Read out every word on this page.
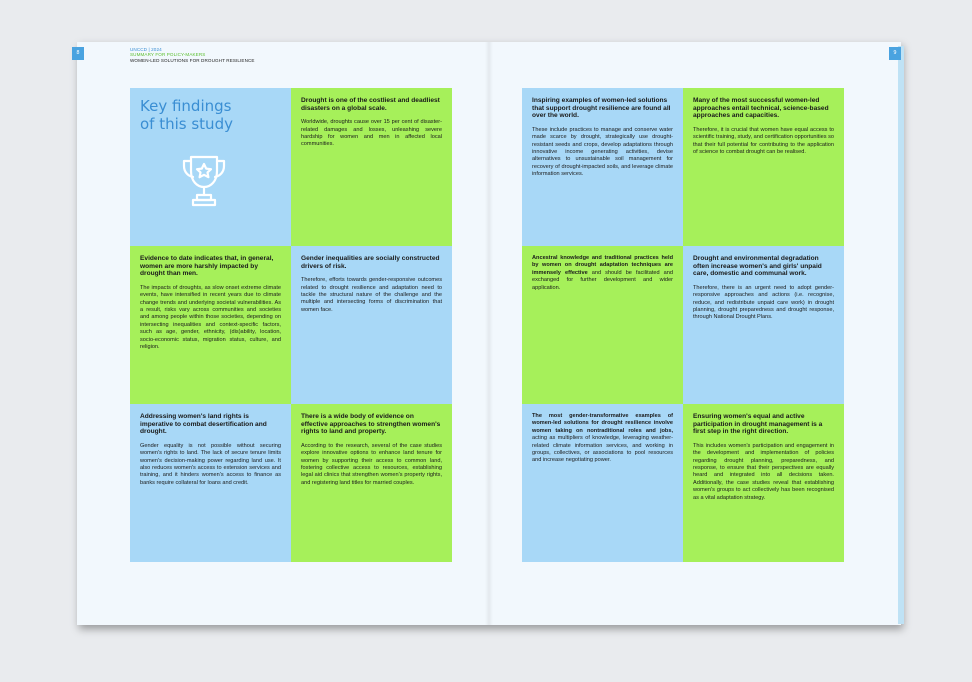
8	9
UNCCD | 2024
SUMMARY FOR POLICY-MAKERS
WOMEN-LED SOLUTIONS FOR DROUGHT RESILIENCE
Key findings
of this study
Drought is one of the costliest and deadliest disasters on a global scale.
Worldwide, droughts cause over 15 per cent of disaster-related damages and losses, unleashing severe hardship for women and men in affected local communities.
Evidence to date indicates that, in general, women are more harshly impacted by drought than men.
The impacts of droughts, as slow onset extreme climate events, have intensified in recent years due to climate change trends and underlying societal vulnerabilities. As a result, risks vary across communities and societies and among people within those societies, depending on intersecting inequalities and context-specific factors, such as age, gender, ethnicity, (dis)ability, location, socio-economic status, migration status, culture, and religion.
Gender inequalities are socially constructed drivers of risk.
Therefore, efforts towards gender-responsive outcomes related to drought resilience and adaptation need to tackle the structural nature of the challenge and the multiple and intersecting forms of discrimination that women face.
Addressing women's land rights is imperative to combat desertification and drought.
Gender equality is not possible without securing women's rights to land. The lack of secure tenure limits women's decision-making power regarding land use. It also reduces women's access to extension services and training, and it hinders women's access to finance as banks require collateral for loans and credit.
There is a wide body of evidence on effective approaches to strengthen women's rights to land and property.
According to the research, several of the case studies explore innovative options to enhance land tenure for women by supporting their access to common land, fostering collective access to resources, establishing legal aid clinics that strengthen women's property rights, and registering land titles for married couples.
Inspiring examples of women-led solutions that support drought resilience are found all over the world.
These include practices to manage and conserve water made scarce by drought, strategically use drought-resistant seeds and crops, develop adaptations through innovative income generating activities, devise alternatives to unsustainable soil management for recovery of drought-impacted soils, and leverage climate information services.
Many of the most successful women-led approaches entail technical, science-based approaches and capacities.
Therefore, it is crucial that women have equal access to scientific training, study, and certification opportunities so that their full potential for contributing to the application of science to combat drought can be realised.
Ancestral knowledge and traditional practices held by women on drought adaptation techniques are immensely effective and should be facilitated and exchanged for further development and wider application.
Drought and environmental degradation often increase women's and girls' unpaid care, domestic and communal work.
Therefore, there is an urgent need to adopt gender-responsive approaches and actions (i.e. recognise, reduce, and redistribute unpaid care work) in drought planning, drought preparedness and drought response, through National Drought Plans.
The most gender-transformative examples of women-led solutions for drought resilience involve women taking on nontraditional roles and jobs, acting as multipliers of knowledge, leveraging weather-related climate information services, and working in groups, collectives, or associations to pool resources and increase negotiating power.
Ensuring women's equal and active participation in drought management is a first step in the right direction.
This includes women's participation and engagement in the development and implementation of policies regarding drought planning, preparedness, and response, to ensure that their perspectives are equally heard and integrated into all decisions taken. Additionally, the case studies reveal that establishing women's groups to act collectively has been recognised as a vital adaptation strategy.
